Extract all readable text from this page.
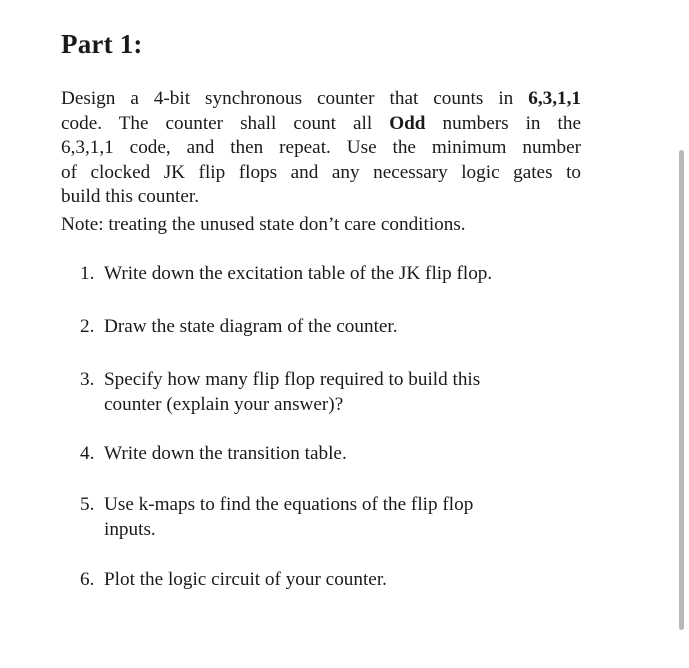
Part 1:
Design a 4-bit synchronous counter that counts in 6,3,1,1
code. The counter shall count all Odd numbers in the
6,3,1,1 code, and then repeat. Use the minimum number
of clocked JK flip flops and any necessary logic gates to
build this counter.

Note: treating the unused state don’t care conditions.

1. Write down the excitation table of the JK flip flop.
2. Draw the state diagram of the counter.
3. Specify how many flip flop required to build this
counter (explain your answer)?
4. Write down the transition table.
5. Use k-maps to find the equations of the flip flop
inputs.
6. Plot the logic circuit of your counter.
